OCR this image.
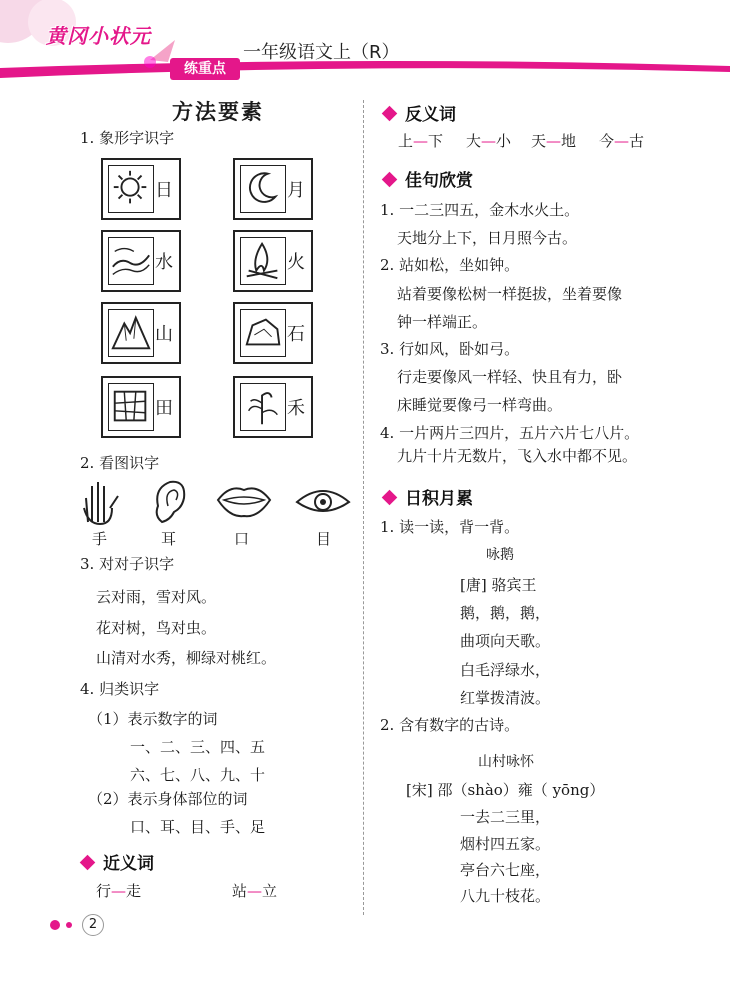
黄冈小状元
练重点
一年级语文上（R）
方法要素
1. 象形字识字
日	月
水	火
山	石
田	禾
2. 看图识字
手	耳	口	目
3. 对对子识字
云对雨，雪对风。
花对树，鸟对虫。
山清对水秀，柳绿对桃红。
4. 归类识字
（1）表示数字的词
一、二、三、四、五
六、七、八、九、十
（2）表示身体部位的词
口、耳、目、手、足
近义词
行—走	站—立
反义词
上—下 大—小 天—地 今—古
佳句欣赏
1. 一二三四五，金木水火土。
天地分上下，日月照今古。
2. 站如松，坐如钟。
站着要像松树一样挺拔，坐着要像
钟一样端正。
3. 行如风，卧如弓。
行走要像风一样轻、快且有力，卧
床睡觉要像弓一样弯曲。
4. 一片两片三四片，五片六片七八片。
九片十片无数片，飞入水中都不见。
日积月累
1. 读一读，背一背。
咏鹅
[唐] 骆宾王
鹅，鹅，鹅，
曲项向天歌。
白毛浮绿水，
红掌拨清波。
2. 含有数字的古诗。
山村咏怀
[宋] 邵（shào）雍（ yōng）
一去二三里，
烟村四五家。
亭台六七座，
八九十枝花。
2
